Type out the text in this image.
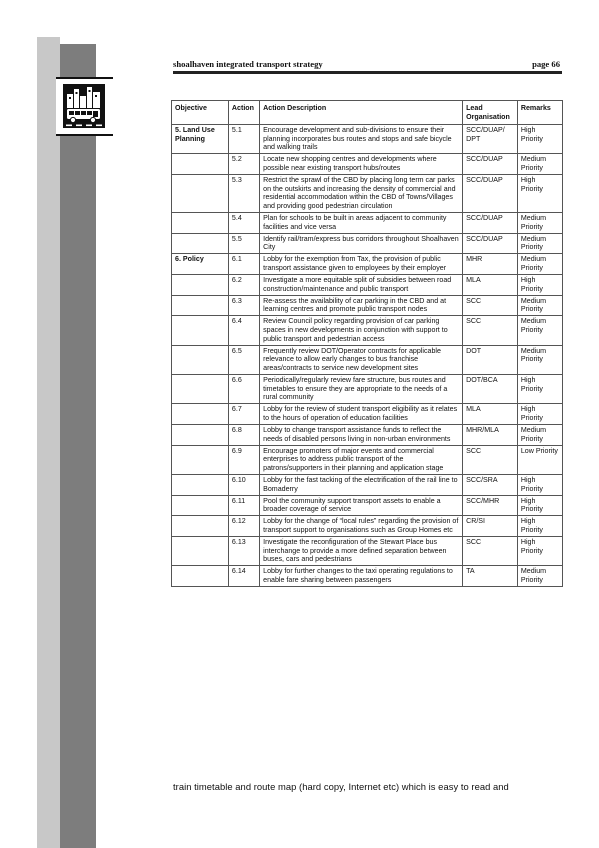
shoalhaven integrated transport strategy	page 66
Objective	Action	Action Description	Lead Organisation	Remarks
5. Land Use Planning	5.1	Encourage development and sub-divisions to ensure their planning incorporates bus routes and stops and safe bicycle and walking trails	SCC/DUAP/ DPT	High Priority
	5.2	Locate new shopping centres and developments where possible near existing transport hubs/routes	SCC/DUAP	Medium Priority
	5.3	Restrict the sprawl of the CBD by placing long term car parks on the outskirts and increasing the density of commercial and residential accommodation within the CBD of Towns/Villages and providing good pedestrian circulation	SCC/DUAP	High Priority
	5.4	Plan for schools to be built in areas adjacent to community facilities and vice versa	SCC/DUAP	Medium Priority
	5.5	Identify rail/tram/express bus corridors throughout Shoalhaven City	SCC/DUAP	Medium Priority
6. Policy	6.1	Lobby for the exemption from Tax, the provision of public transport assistance given to employees by their employer	MHR	Medium Priority
	6.2	Investigate a more equitable split of subsidies between road construction/maintenance and public transport	MLA	High Priority
	6.3	Re-assess the availability of car parking in the CBD and at learning centres and promote public transport nodes	SCC	Medium Priority
	6.4	Review Council policy regarding provision of car parking spaces in new developments in conjunction with support to public transport and pedestrian access	SCC	Medium Priority
	6.5	Frequently review DOT/Operator contracts for applicable relevance to allow early changes to bus franchise areas/contracts to service new development sites	DOT	Medium Priority
	6.6	Periodically/regularly review fare structure, bus routes and timetables to ensure they are appropriate to the needs of a rural community	DOT/BCA	High Priority
	6.7	Lobby for the review of student transport eligibility as it relates to the hours of operation of education facilities	MLA	High Priority
	6.8	Lobby to change transport assistance funds to reflect the needs of disabled persons living in non-urban environments	MHR/MLA	Medium Priority
	6.9	Encourage promoters of major events and commercial enterprises to address public transport of the patrons/supporters in their planning and application stage	SCC	Low Priority
	6.10	Lobby for the fast tacking of the electrification of the rail line to Bomaderry	SCC/SRA	High Priority
	6.11	Pool the community support transport assets to enable a broader coverage of service	SCC/MHR	High Priority
	6.12	Lobby for the change of “local rules” regarding the provision of transport support to organisations such as Group Homes etc	CR/SI	High Priority
	6.13	Investigate the reconfiguration of the Stewart Place bus interchange to provide a more defined separation between buses, cars and pedestrians	SCC	High Priority
	6.14	Lobby for further changes to the taxi operating regulations to enable fare sharing between passengers	TA	Medium Priority
train timetable and route map (hard copy, Internet etc) which is easy to read and
